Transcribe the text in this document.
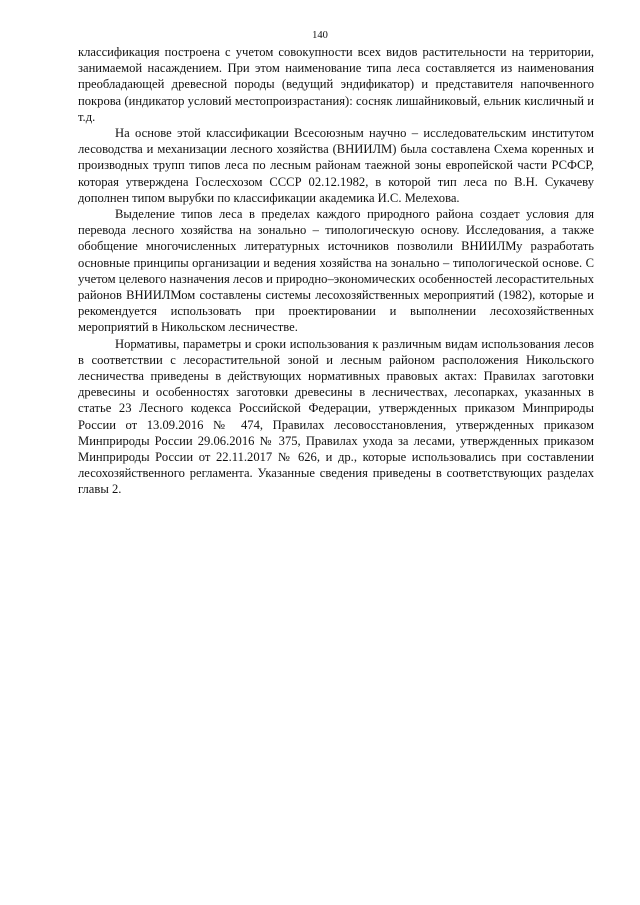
140

классификация построена с учетом совокупности всех видов растительности на территории, занимаемой насаждением. При этом наименование типа леса составляется из наименования преобладающей древесной породы (ведущий эндификатор) и представителя напочвенного покрова (индикатор условий местопроизрастания): сосняк лишайниковый, ельник кисличный и т.д.

На основе этой классификации Всесоюзным научно – исследовательским институтом лесоводства и механизации лесного хозяйства (ВНИИЛМ) была составлена Схема коренных и производных трупп типов леса по лесным районам таежной зоны европейской части РСФСР, которая утверждена Гослесхозом СССР 02.12.1982, в которой тип леса по В.Н. Сукачеву дополнен типом вырубки по классификации академика И.С. Мелехова.

Выделение типов леса в пределах каждого природного района создает условия для перевода лесного хозяйства на зонально – типологическую основу. Исследования, а также обобщение многочисленных литературных источников позволили ВНИИЛМу разработать основные принципы организации и ведения хозяйства на зонально – типологической основе. С учетом целевого назначения лесов и природно–экономических особенностей лесорастительных районов ВНИИЛМом составлены системы лесохозяйственных мероприятий (1982), которые и рекомендуется использовать при проектировании и выполнении лесохозяйственных мероприятий в Никольском лесничестве.

Нормативы, параметры и сроки использования к различным видам использования лесов в соответствии с лесорастительной зоной и лесным районом расположения Никольского лесничества приведены в действующих нормативных правовых актах: Правилах заготовки древесины и особенностях заготовки древесины в лесничествах, лесопарках, указанных в статье 23 Лесного кодекса Российской Федерации, утвержденных приказом Минприроды России от 13.09.2016 № 474, Правилах лесовосстановления, утвержденных приказом Минприроды России 29.06.2016 № 375, Правилах ухода за лесами, утвержденных приказом Минприроды России от 22.11.2017 № 626, и др., которые использовались при составлении лесохозяйственного регламента. Указанные сведения приведены в соответствующих разделах главы 2.
